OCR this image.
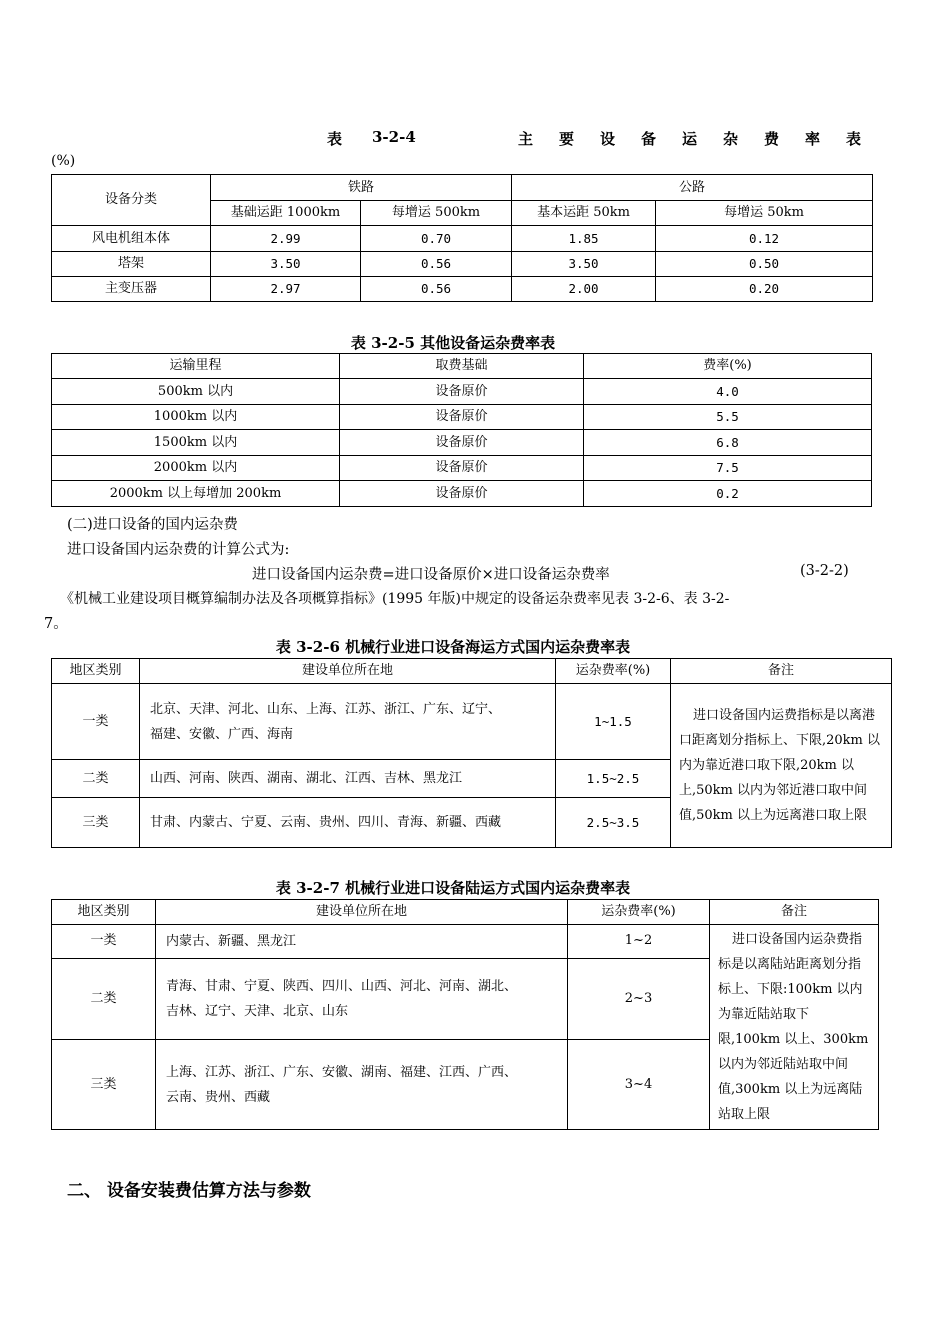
表 3-2-4	主 要 设 备 运 杂 费 率 表
(%)
设备分类	铁路		公路	
	基础运距 1000km	每增运 500km	基本运距 50km	每增运 50km
风电机组本体	2.99	0.70	1.85	0.12
塔架	3.50	0.56	3.50	0.50
主变压器	2.97	0.56	2.00	0.20
表 3-2-5 其他设备运杂费率表
运输里程	取费基础	费率(%)
500km 以内	设备原价	4.0
1000km 以内	设备原价	5.5
1500km 以内	设备原价	6.8
2000km 以内	设备原价	7.5
2000km 以上每增加 200km	设备原价	0.2
(二)进口设备的国内运杂费
进口设备国内运杂费的计算公式为:
进口设备国内运杂费=进口设备原价×进口设备运杂费率	(3-2-2)
《机械工业建设项目概算编制办法及各项概算指标》(1995 年版)中规定的设备运杂费率见表 3-2-6、表 3-2-
7。
表 3-2-6 机械行业进口设备海运方式国内运杂费率表
地区类别	建设单位所在地	运杂费率(%)	备注
一类	北京、天津、河北、山东、上海、江苏、浙江、广东、辽宁、
福建、安徽、广西、海南	1~1.5	进口设备国内运费指标是以离港口距离划分指标上、下限,20km 以内为靠近港口取下限,20km 以上,50km 以内为邻近港口取中间值,50km 以上为远离港口取上限
二类	山西、河南、陕西、湖南、湖北、江西、吉林、黑龙江	1.5~2.5	
三类	甘肃、内蒙古、宁夏、云南、贵州、四川、青海、新疆、西藏	2.5~3.5	
表 3-2-7 机械行业进口设备陆运方式国内运杂费率表
地区类别	建设单位所在地	运杂费率(%)	备注
一类	内蒙古、新疆、黑龙江	1~2	进口设备国内运杂费指标是以离陆站距离划分指标上、下限:100km 以内为靠近陆站取下限,100km 以上、300km 以内为邻近陆站取中间值,300km 以上为远离陆站取上限
二类	青海、甘肃、宁夏、陕西、四川、山西、河北、河南、湖北、
吉林、辽宁、天津、北京、山东	2~3	
三类	上海、江苏、浙江、广东、安徽、湖南、福建、江西、广西、
云南、贵州、西藏	3~4	
二、 设备安装费估算方法与参数
